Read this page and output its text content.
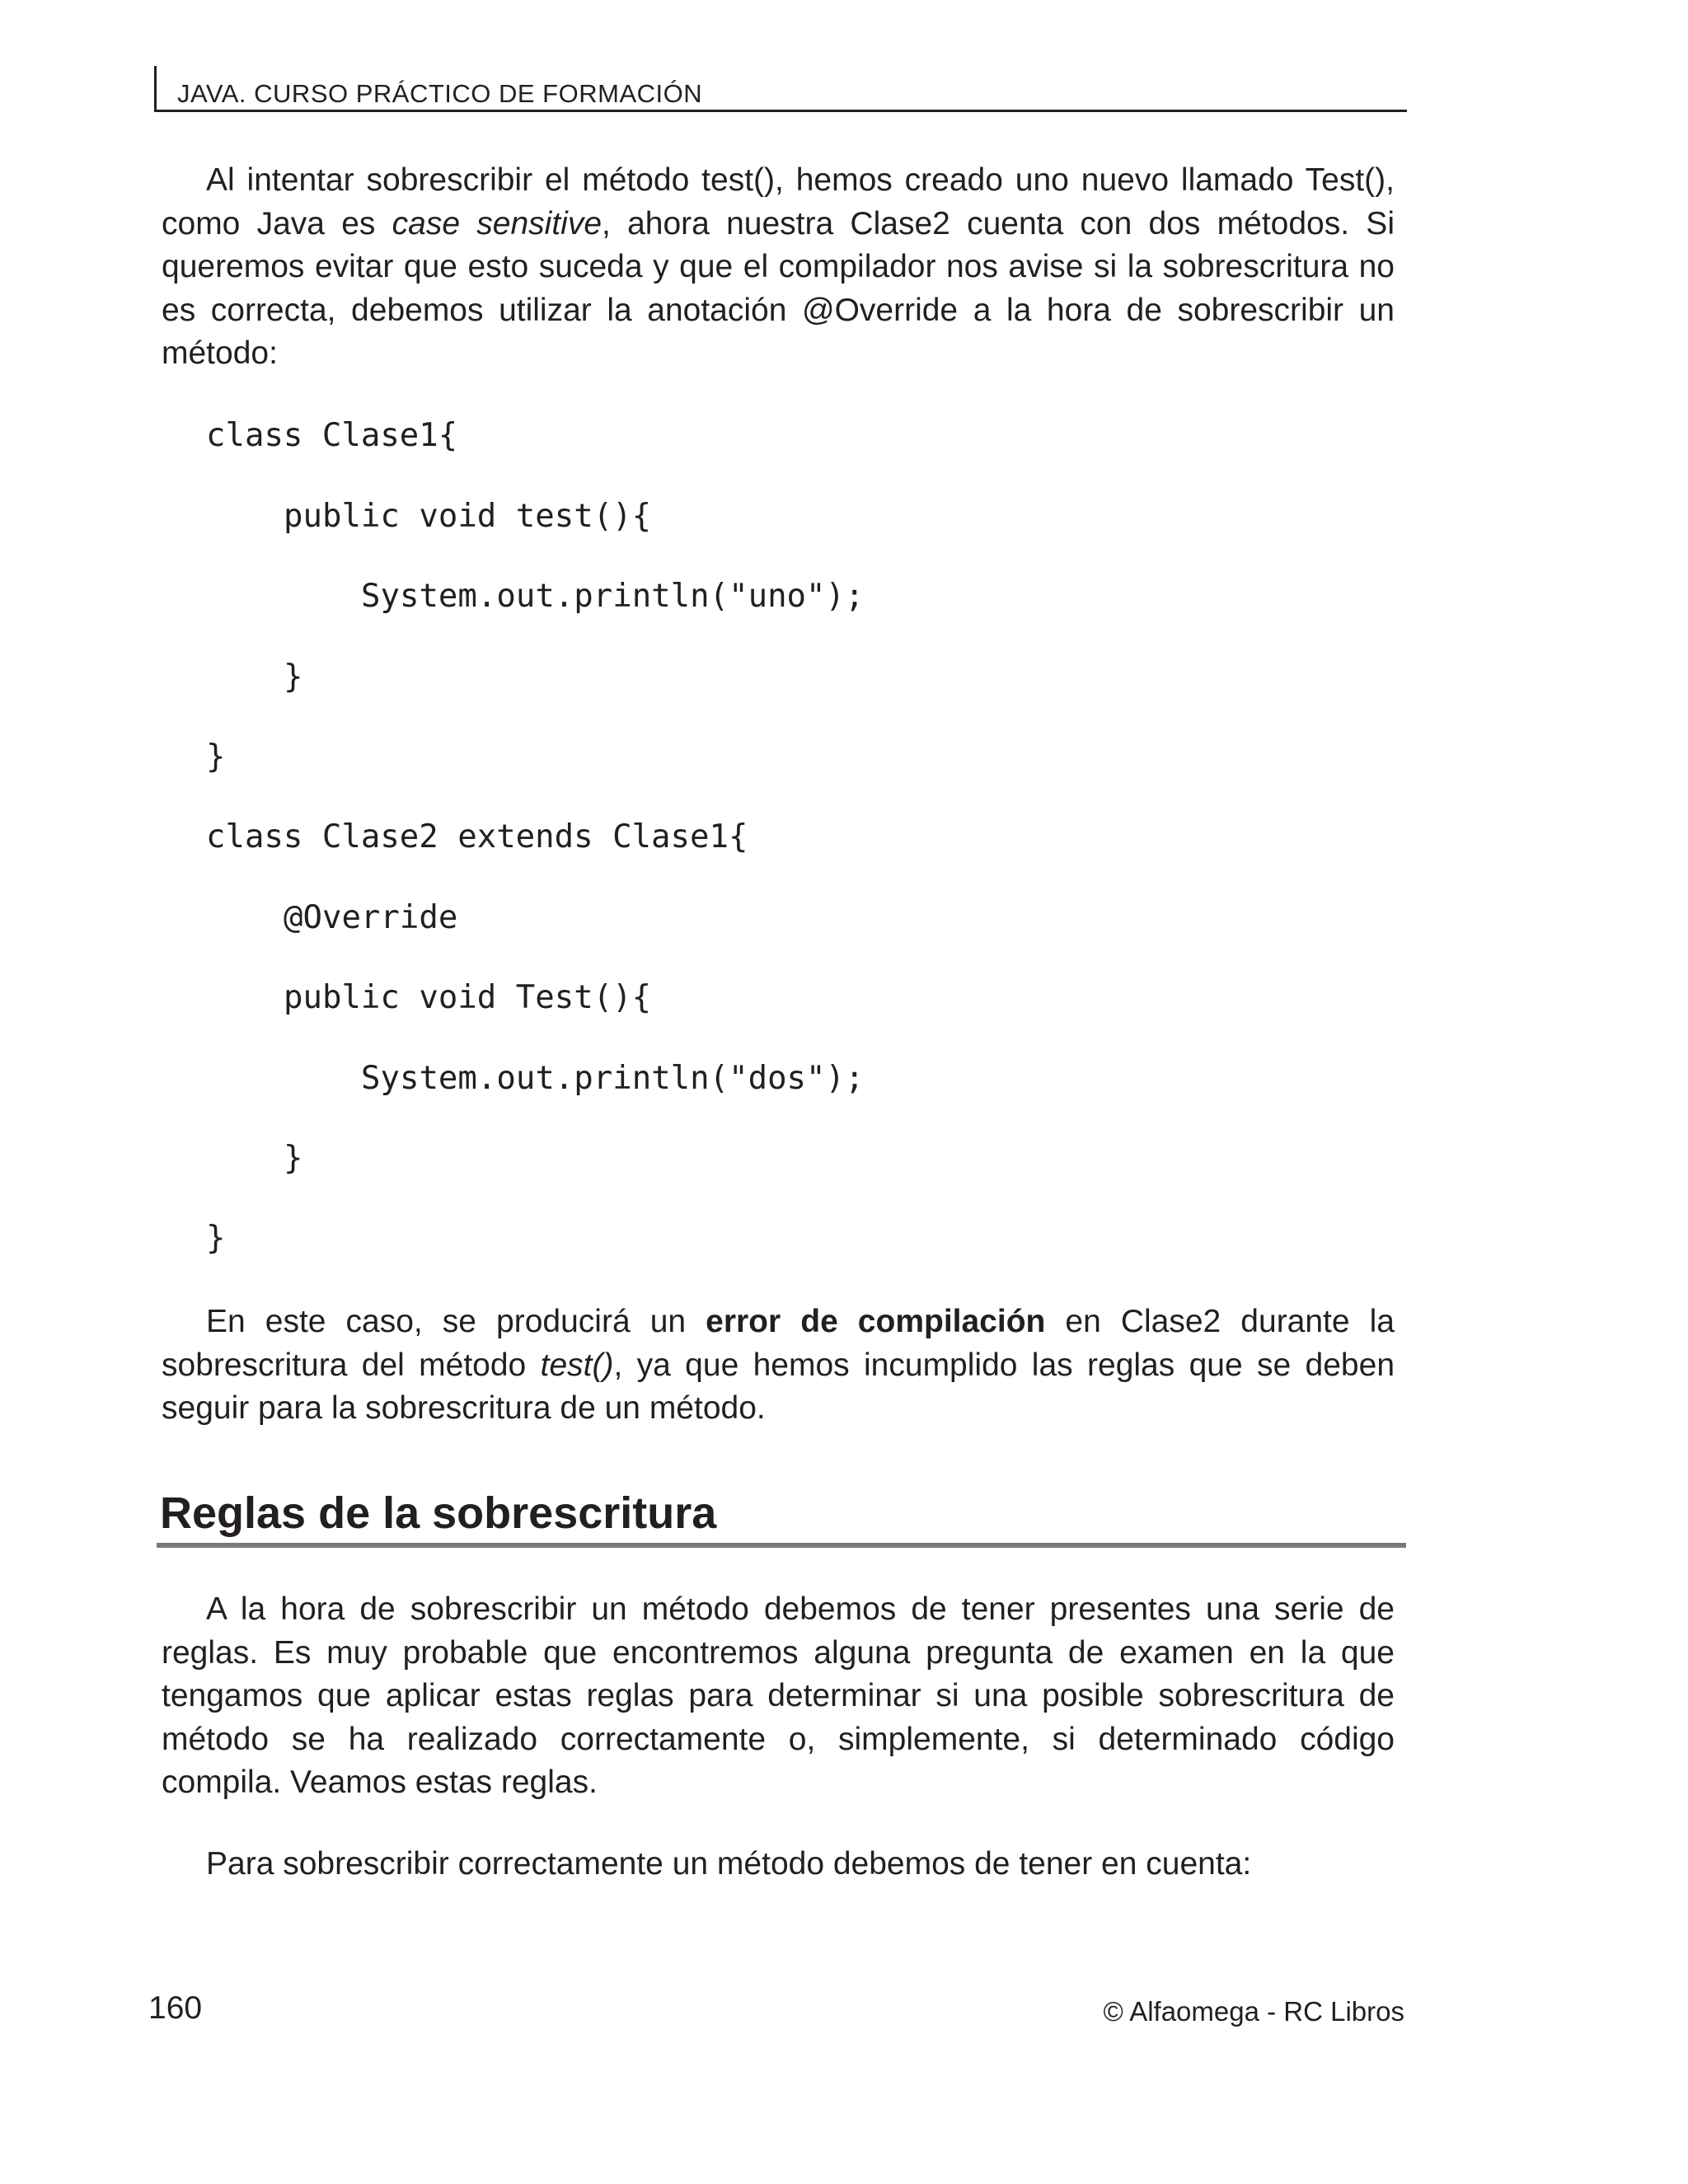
JAVA. CURSO PRÁCTICO DE FORMACIÓN

Al intentar sobrescribir el método test(), hemos creado uno nuevo llamado Test(), como Java es case sensitive, ahora nuestra Clase2 cuenta con dos métodos. Si queremos evitar que esto suceda y que el compilador nos avise si la sobrescritura no es correcta, debemos utilizar la anotación @Override a la hora de sobrescribir un método:

class Clase1{
public void test(){
System.out.println("uno");
}
}
class Clase2 extends Clase1{
@Override
public void Test(){
System.out.println("dos");
}
}

En este caso, se producirá un error de compilación en Clase2 durante la sobrescritura del método test(), ya que hemos incumplido las reglas que se deben seguir para la sobrescritura de un método.

Reglas de la sobrescritura

A la hora de sobrescribir un método debemos de tener presentes una serie de reglas. Es muy probable que encontremos alguna pregunta de examen en la que tengamos que aplicar estas reglas para determinar si una posible sobrescritura de método se ha realizado correctamente o, simplemente, si determinado código compila. Veamos estas reglas.

Para sobrescribir correctamente un método debemos de tener en cuenta:

160	© Alfaomega - RC Libros
